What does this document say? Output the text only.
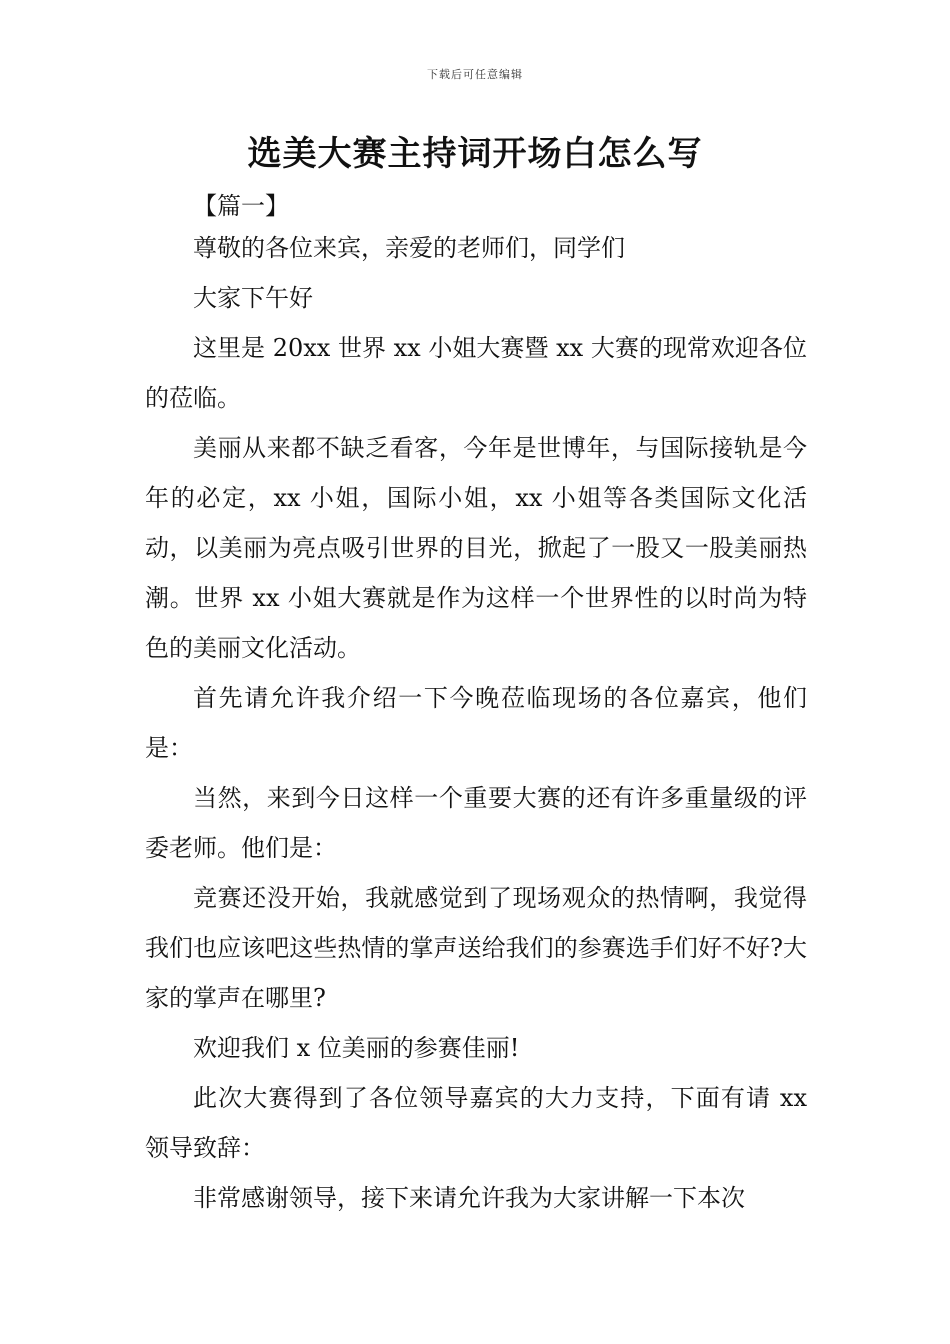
下载后可任意编辑
选美大赛主持词开场白怎么写
【篇一】

尊敬的各位来宾，亲爱的老师们，同学们

大家下午好

这里是 20xx 世界 xx 小姐大赛暨 xx 大赛的现常欢迎各位的莅临。

美丽从来都不缺乏看客，今年是世博年，与国际接轨是今年的必定，xx 小姐，国际小姐，xx 小姐等各类国际文化活动，以美丽为亮点吸引世界的目光，掀起了一股又一股美丽热潮。世界 xx 小姐大赛就是作为这样一个世界性的以时尚为特色的美丽文化活动。

首先请允许我介绍一下今晚莅临现场的各位嘉宾，他们是：

当然，来到今日这样一个重要大赛的还有许多重量级的评委老师。他们是：

竞赛还没开始，我就感觉到了现场观众的热情啊，我觉得我们也应该吧这些热情的掌声送给我们的参赛选手们好不好?大家的掌声在哪里?

欢迎我们 x 位美丽的参赛佳丽!

此次大赛得到了各位领导嘉宾的大力支持，下面有请 xx 领导致辞：

非常感谢领导，接下来请允许我为大家讲解一下本次
